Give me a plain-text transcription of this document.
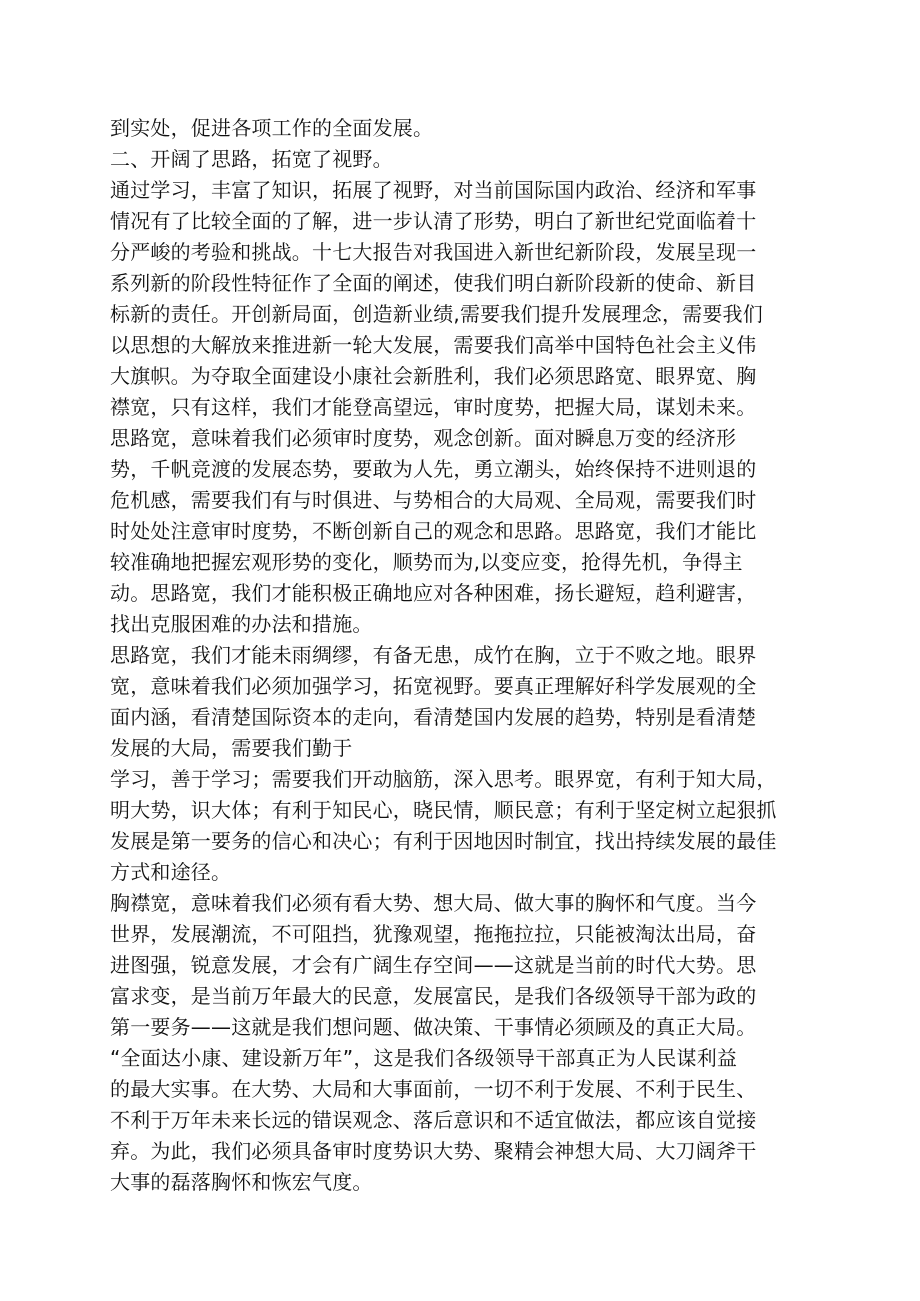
到实处，促进各项工作的全面发展。
二、开阔了思路，拓宽了视野。
通过学习，丰富了知识，拓展了视野，对当前国际国内政治、经济和军事
情况有了比较全面的了解，进一步认清了形势，明白了新世纪党面临着十
分严峻的考验和挑战。十七大报告对我国进入新世纪新阶段，发展呈现一
系列新的阶段性特征作了全面的阐述，使我们明白新阶段新的使命、新目
标新的责任。开创新局面，创造新业绩,需要我们提升发展理念，需要我们
以思想的大解放来推进新一轮大发展，需要我们高举中国特色社会主义伟
大旗帜。为夺取全面建设小康社会新胜利，我们必须思路宽、眼界宽、胸
襟宽，只有这样，我们才能登高望远，审时度势，把握大局，谋划未来。
思路宽，意味着我们必须审时度势，观念创新。面对瞬息万变的经济形
势，千帆竞渡的发展态势，要敢为人先，勇立潮头，始终保持不进则退的
危机感，需要我们有与时俱进、与势相合的大局观、全局观，需要我们时
时处处注意审时度势，不断创新自己的观念和思路。思路宽，我们才能比
较准确地把握宏观形势的变化，顺势而为,以变应变，抢得先机，争得主
动。思路宽，我们才能积极正确地应对各种困难，扬长避短，趋利避害，
找出克服困难的办法和措施。
思路宽，我们才能未雨绸缪，有备无患，成竹在胸，立于不败之地。眼界
宽，意味着我们必须加强学习，拓宽视野。要真正理解好科学发展观的全
面内涵，看清楚国际资本的走向，看清楚国内发展的趋势，特别是看清楚
发展的大局，需要我们勤于
学习，善于学习；需要我们开动脑筋，深入思考。眼界宽，有利于知大局，
明大势，识大体；有利于知民心，晓民情，顺民意；有利于坚定树立起狠抓
发展是第一要务的信心和决心；有利于因地因时制宜，找出持续发展的最佳
方式和途径。
胸襟宽，意味着我们必须有看大势、想大局、做大事的胸怀和气度。当今
世界，发展潮流，不可阻挡，犹豫观望，拖拖拉拉，只能被淘汰出局，奋
进图强，锐意发展，才会有广阔生存空间——这就是当前的时代大势。思
富求变，是当前万年最大的民意，发展富民，是我们各级领导干部为政的
第一要务——这就是我们想问题、做决策、干事情必须顾及的真正大局。
“全面达小康、建设新万年”，这是我们各级领导干部真正为人民谋利益
的最大实事。在大势、大局和大事面前，一切不利于发展、不利于民生、
不利于万年未来长远的错误观念、落后意识和不适宜做法，都应该自觉接
弃。为此，我们必须具备审时度势识大势、聚精会神想大局、大刀阔斧干
大事的磊落胸怀和恢宏气度。
